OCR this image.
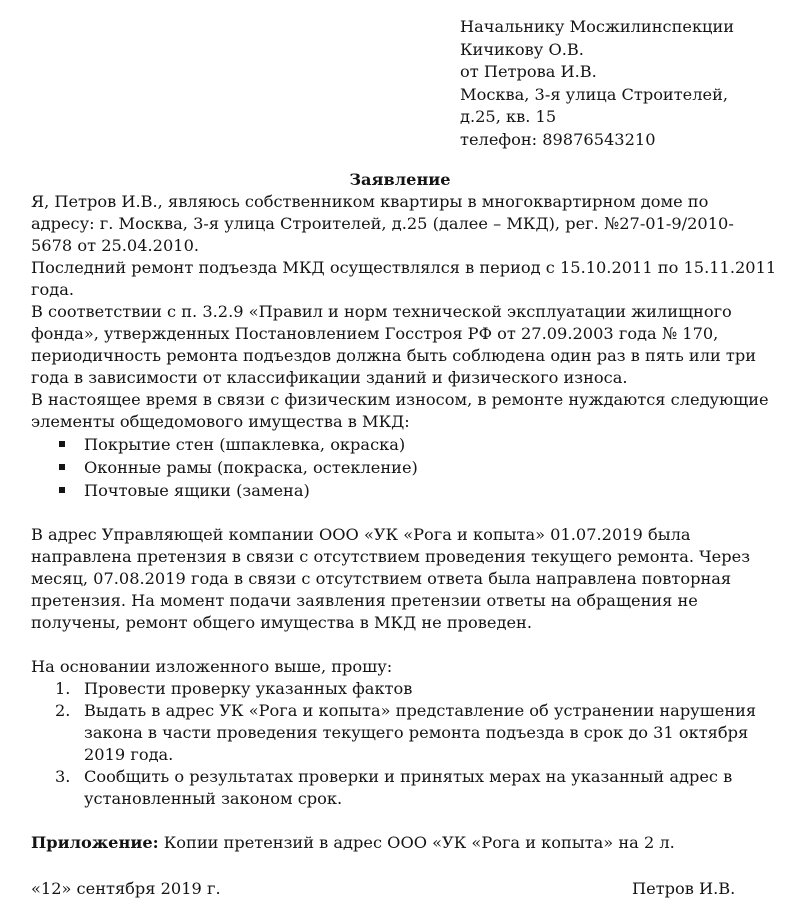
Начальнику Мосжилинспекции
Кичикову О.В.
от Петрова И.В.
Москва, 3-я улица Строителей,
д.25, кв. 15
телефон: 89876543210
Заявление
Я, Петров И.В., являюсь собственником квартиры в многоквартирном доме по
адресу: г. Москва, 3-я улица Строителей, д.25 (далее – МКД), рег. №27-01-9/2010-
5678 от 25.04.2010.
Последний ремонт подъезда МКД осуществлялся в период с 15.10.2011 по 15.11.2011
года.
В соответствии с п. 3.2.9 «Правил и норм технической эксплуатации жилищного
фонда», утвержденных Постановлением Госстроя РФ от 27.09.2003 года № 170,
периодичность ремонта подъездов должна быть соблюдена один раз в пять или три
года в зависимости от классификации зданий и физического износа.
В настоящее время в связи с физическим износом, в ремонте нуждаются следующие
элементы общедомового имущества в МКД:
Покрытие стен (шпаклевка, окраска)
Оконные рамы (покраска, остекление)
Почтовые ящики (замена)
В адрес Управляющей компании ООО «УК «Рога и копыта» 01.07.2019 была
направлена претензия в связи с отсутствием проведения текущего ремонта. Через
месяц, 07.08.2019 года в связи с отсутствием ответа была направлена повторная
претензия. На момент подачи заявления претензии ответы на обращения не
получены, ремонт общего имущества в МКД не проведен.
На основании изложенного выше, прошу:
1. Провести проверку указанных фактов
2. Выдать в адрес УК «Рога и копыта» представление об устранении нарушения
закона в части проведения текущего ремонта подъезда в срок до 31 октября
2019 года.
3. Сообщить о результатах проверки и принятых мерах на указанный адрес в
установленный законом срок.
Приложение: Копии претензий в адрес ООО «УК «Рога и копыта» на 2 л.
«12» сентября 2019 г.	Петров И.В.
